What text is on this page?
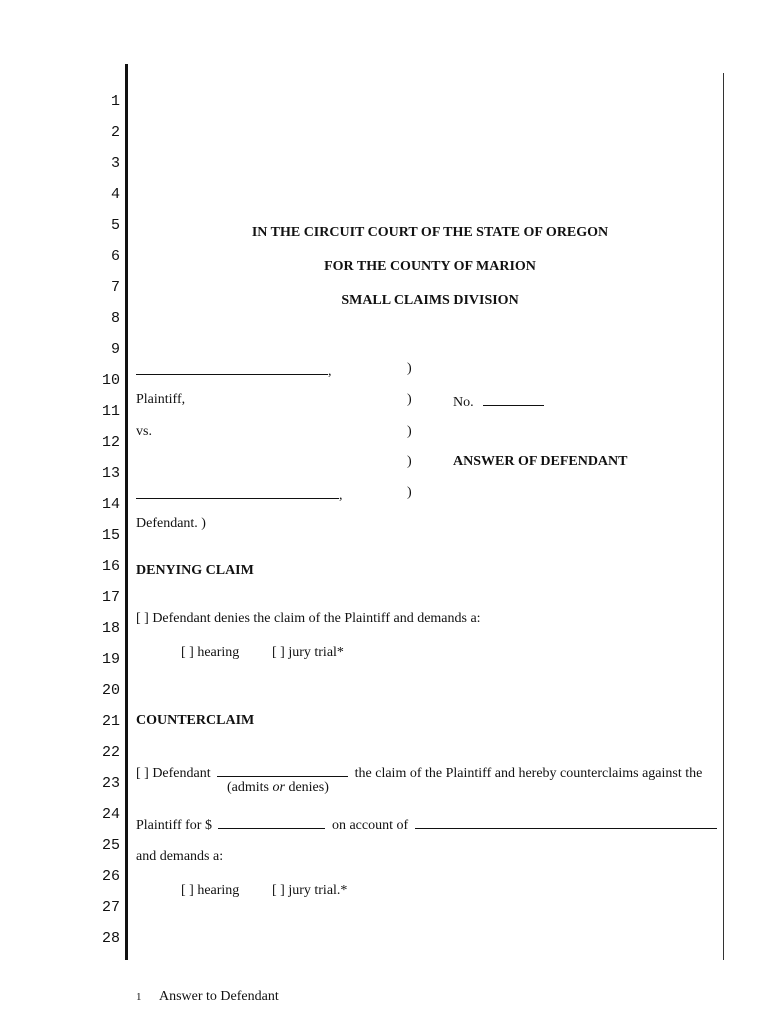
1
2
3
4
5
6
7
8
9
10
11
12
13
14
15
16
17
18
19
20
21
22
23
24
25
26
27
28
IN THE CIRCUIT COURT OF THE STATE OF OREGON
FOR THE COUNTY OF MARION
SMALL CLAIMS DIVISION
,
Plaintiff,
vs.
,
Defendant. )
)
)
)
)
)
No.
ANSWER OF DEFENDANT
DENYING CLAIM
[ ] Defendant denies the claim of the Plaintiff and demands a:
[ ] hearing [ ] jury trial*
COUNTERCLAIM
[ ] Defendant	the claim of the Plaintiff and hereby counterclaims against the
(admits or denies)
Plaintiff for $	on account of
and demands a:
[ ] hearing [ ] jury trial.*
1 Answer to Defendant
